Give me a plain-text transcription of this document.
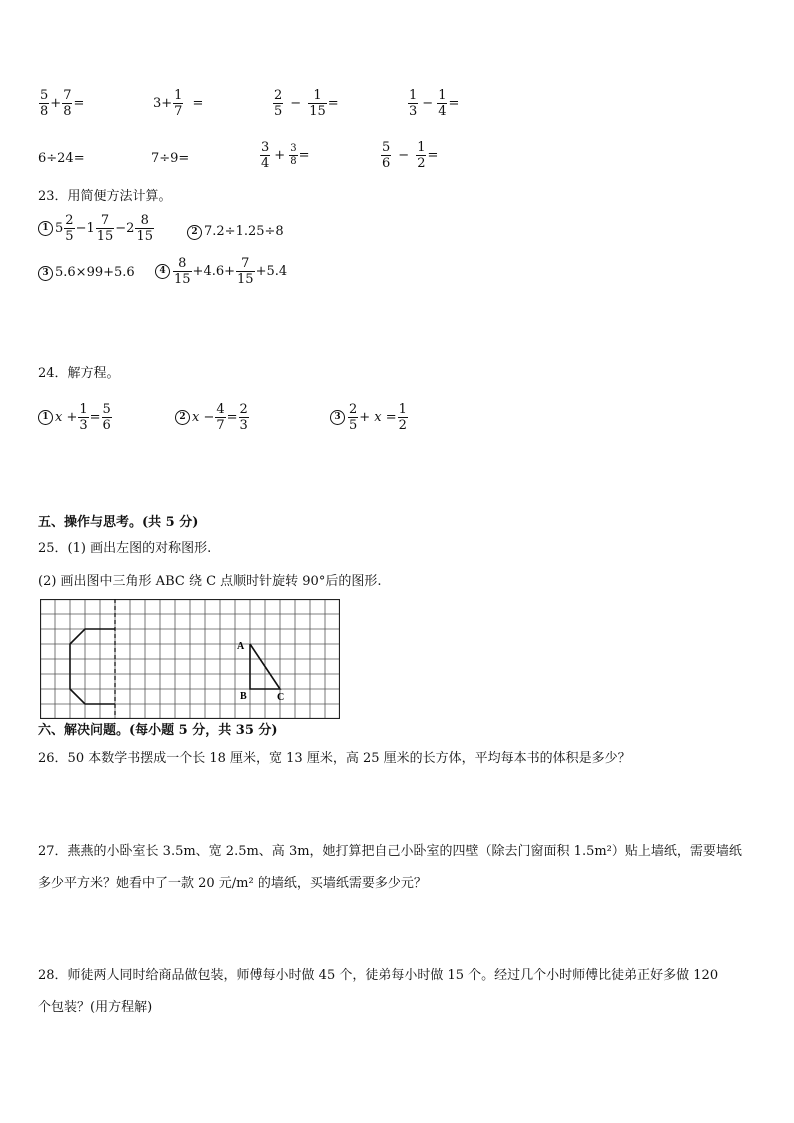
$\frac{5}{8} + \frac{7}{8}$ =	$3+ \frac{1}{7}$ =	$\frac{2}{5} - \frac{1}{15}$ =	$\frac{1}{3} - \frac{1}{4}$ =
6÷24=	7÷9=	$\frac{3}{4} + \frac{3}{8}$ =	$\frac{5}{6} - \frac{1}{2}$ =
23．用简便方法计算。
1 $5 \frac{2}{5} -1 \frac{7}{15} -2 \frac{8}{15}$	2 7.2÷1.25÷8
3 5.6×99+5.6	$4 \frac{8}{15} +4.6+ \frac{7}{15} +5.4$
24．解方程。
1 $x + \frac{1}{3} = \frac{5}{6}$	2 $x - \frac{4}{7} = \frac{2}{3}$	$3 \frac{2}{5} + x = \frac{1}{2}$
五、操作与思考。(共 5 分)
25．(1) 画出左图的对称图形.
(2) 画出图中三角形 ABC 绕 C 点顺时针旋转 90°后的图形.
A
B	C
六、解决问题。(每小题 5 分，共 35 分)
26．50 本数学书摆成一个长 18 厘米，宽 13 厘米，高 25 厘米的长方体，平均每本书的体积是多少？
27．燕燕的小卧室长 3.5m、宽 2.5m、高 3m，她打算把自己小卧室的四壁（除去门窗面积 1.5m²）贴上墙纸，需要墙纸
多少平方米？她看中了一款 20 元/m² 的墙纸，买墙纸需要多少元？
28．师徒两人同时给商品做包装，师傅每小时做 45 个，徒弟每小时做 15 个。经过几个小时师傅比徒弟正好多做 120
个包装？(用方程解)
